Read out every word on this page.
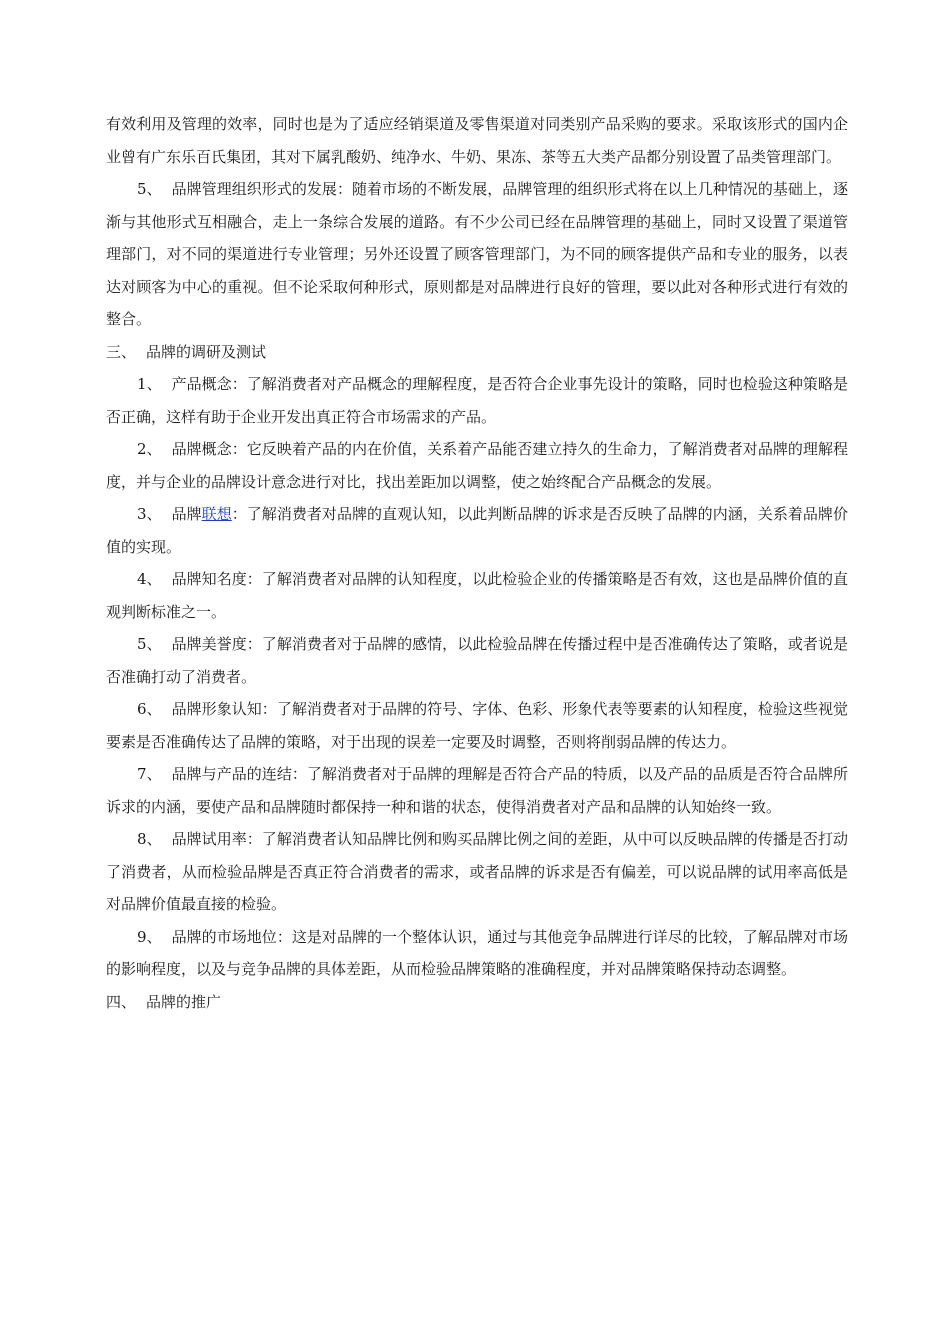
有效利用及管理的效率，同时也是为了适应经销渠道及零售渠道对同类别产品采购的要求。采取该形式的国内企业曾有广东乐百氏集团，其对下属乳酸奶、纯净水、牛奶、果冻、茶等五大类产品都分别设置了品类管理部门。

5、 品牌管理组织形式的发展：随着市场的不断发展，品牌管理的组织形式将在以上几种情况的基础上，逐渐与其他形式互相融合，走上一条综合发展的道路。有不少公司已经在品牌管理的基础上，同时又设置了渠道管理部门，对不同的渠道进行专业管理；另外还设置了顾客管理部门，为不同的顾客提供产品和专业的服务，以表达对顾客为中心的重视。但不论采取何种形式，原则都是对品牌进行良好的管理，要以此对各种形式进行有效的整合。

三、 品牌的调研及测试

1、 产品概念：了解消费者对产品概念的理解程度，是否符合企业事先设计的策略，同时也检验这种策略是否正确，这样有助于企业开发出真正符合市场需求的产品。

2、 品牌概念：它反映着产品的内在价值，关系着产品能否建立持久的生命力，了解消费者对品牌的理解程度，并与企业的品牌设计意念进行对比，找出差距加以调整，使之始终配合产品概念的发展。

3、 品牌联想：了解消费者对品牌的直观认知，以此判断品牌的诉求是否反映了品牌的内涵，关系着品牌价值的实现。

4、 品牌知名度：了解消费者对品牌的认知程度，以此检验企业的传播策略是否有效，这也是品牌价值的直观判断标准之一。

5、 品牌美誉度：了解消费者对于品牌的感情，以此检验品牌在传播过程中是否准确传达了策略，或者说是否准确打动了消费者。

6、 品牌形象认知：了解消费者对于品牌的符号、字体、色彩、形象代表等要素的认知程度，检验这些视觉要素是否准确传达了品牌的策略，对于出现的误差一定要及时调整，否则将削弱品牌的传达力。

7、 品牌与产品的连结：了解消费者对于品牌的理解是否符合产品的特质，以及产品的品质是否符合品牌所诉求的内涵，要使产品和品牌随时都保持一种和谐的状态，使得消费者对产品和品牌的认知始终一致。

8、 品牌试用率：了解消费者认知品牌比例和购买品牌比例之间的差距，从中可以反映品牌的传播是否打动了消费者，从而检验品牌是否真正符合消费者的需求，或者品牌的诉求是否有偏差，可以说品牌的试用率高低是对品牌价值最直接的检验。

9、 品牌的市场地位：这是对品牌的一个整体认识，通过与其他竞争品牌进行详尽的比较，了解品牌对市场的影响程度，以及与竞争品牌的具体差距，从而检验品牌策略的准确程度，并对品牌策略保持动态调整。

四、 品牌的推广
